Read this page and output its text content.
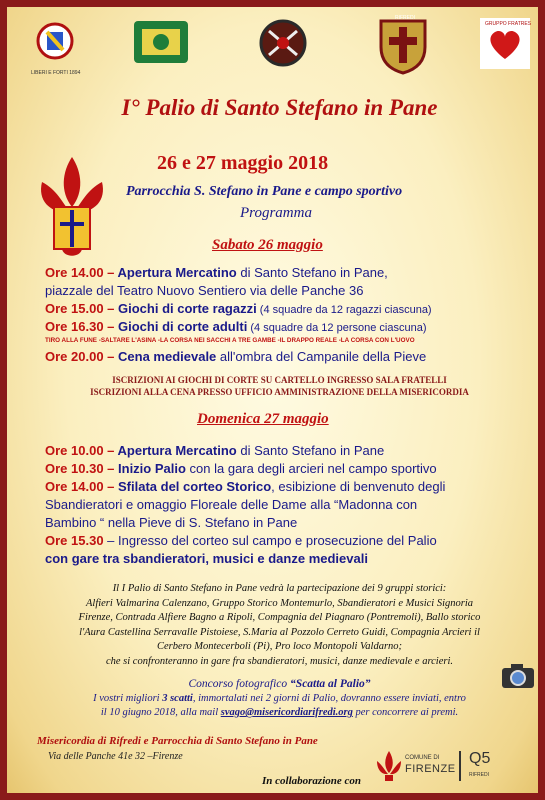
LIBERI E FORTI 1894
RIFREDI
GRUPPO FRATRES
I° Palio di Santo Stefano in Pane
26 e 27 maggio 2018
Parrocchia S. Stefano in Pane e campo sportivo
Programma
Sabato 26 maggio
Ore 14.00 – Apertura Mercatino di Santo Stefano in Pane,
piazzale del Teatro Nuovo Sentiero via delle Panche 36
Ore 15.00 – Giochi di corte ragazzi (4 squadre da 12 ragazzi ciascuna)
Ore 16.30 – Giochi di corte adulti (4 squadre da 12 persone ciascuna)
TIRO ALLA FUNE -SALTARE L'ASINA -LA CORSA NEI SACCHI A TRE GAMBE -IL DRAPPO REALE -LA CORSA CON L'UOVO
Ore 20.00 – Cena medievale all'ombra del Campanile della Pieve
ISCRIZIONI AI GIOCHI DI CORTE SU CARTELLO INGRESSO SALA FRATELLI
ISCRIZIONI ALLA CENA PRESSO UFFICIO AMMINISTRAZIONE DELLA MISERICORDIA
Domenica 27 maggio
Ore 10.00 – Apertura Mercatino di Santo Stefano in Pane
Ore 10.30 – Inizio Palio con la gara degli arcieri nel campo sportivo
Ore 14.00 – Sfilata del corteo Storico, esibizione di benvenuto degli
Sbandieratori e omaggio Floreale delle Dame alla “Madonna con
Bambino “ nella Pieve di S. Stefano in Pane
Ore 15.30 – Ingresso del corteo sul campo e prosecuzione del Palio
con gare tra sbandieratori, musici e danze medievali
Il I Palio di Santo Stefano in Pane vedrà la partecipazione dei 9 gruppi storici:
Alfieri Valmarina Calenzano, Gruppo Storico Montemurlo, Sbandieratori e Musici Signoria
Firenze, Contrada Alfiere Bagno a Ripoli, Compagnia del Piagnaro (Pontremoli), Ballo storico
l'Aura Castellina Serravalle Pistoiese, S.Maria al Pozzolo Cerreto Guidi, Compagnia Arcieri il
Cerbero Montecerboli (Pi), Pro loco Montopoli Valdarno;
che si confronteranno in gare fra sbandieratori, musici, danze medievale e arcieri.
Concorso fotografico “Scatta al Palio”
I vostri migliori 3 scatti, immortalati nei 2 giorni di Palio, dovranno essere inviati, entro
il 10 giugno 2018, alla mail svago@misericordiarifredi.org per concorrere ai premi.
Misericordia di Rifredi e Parrocchia di Santo Stefano in Pane
Via delle Panche 41e 32 –Firenze
In collaborazione con
COMUNE DI
FIRENZE
Q5
RIFREDI
